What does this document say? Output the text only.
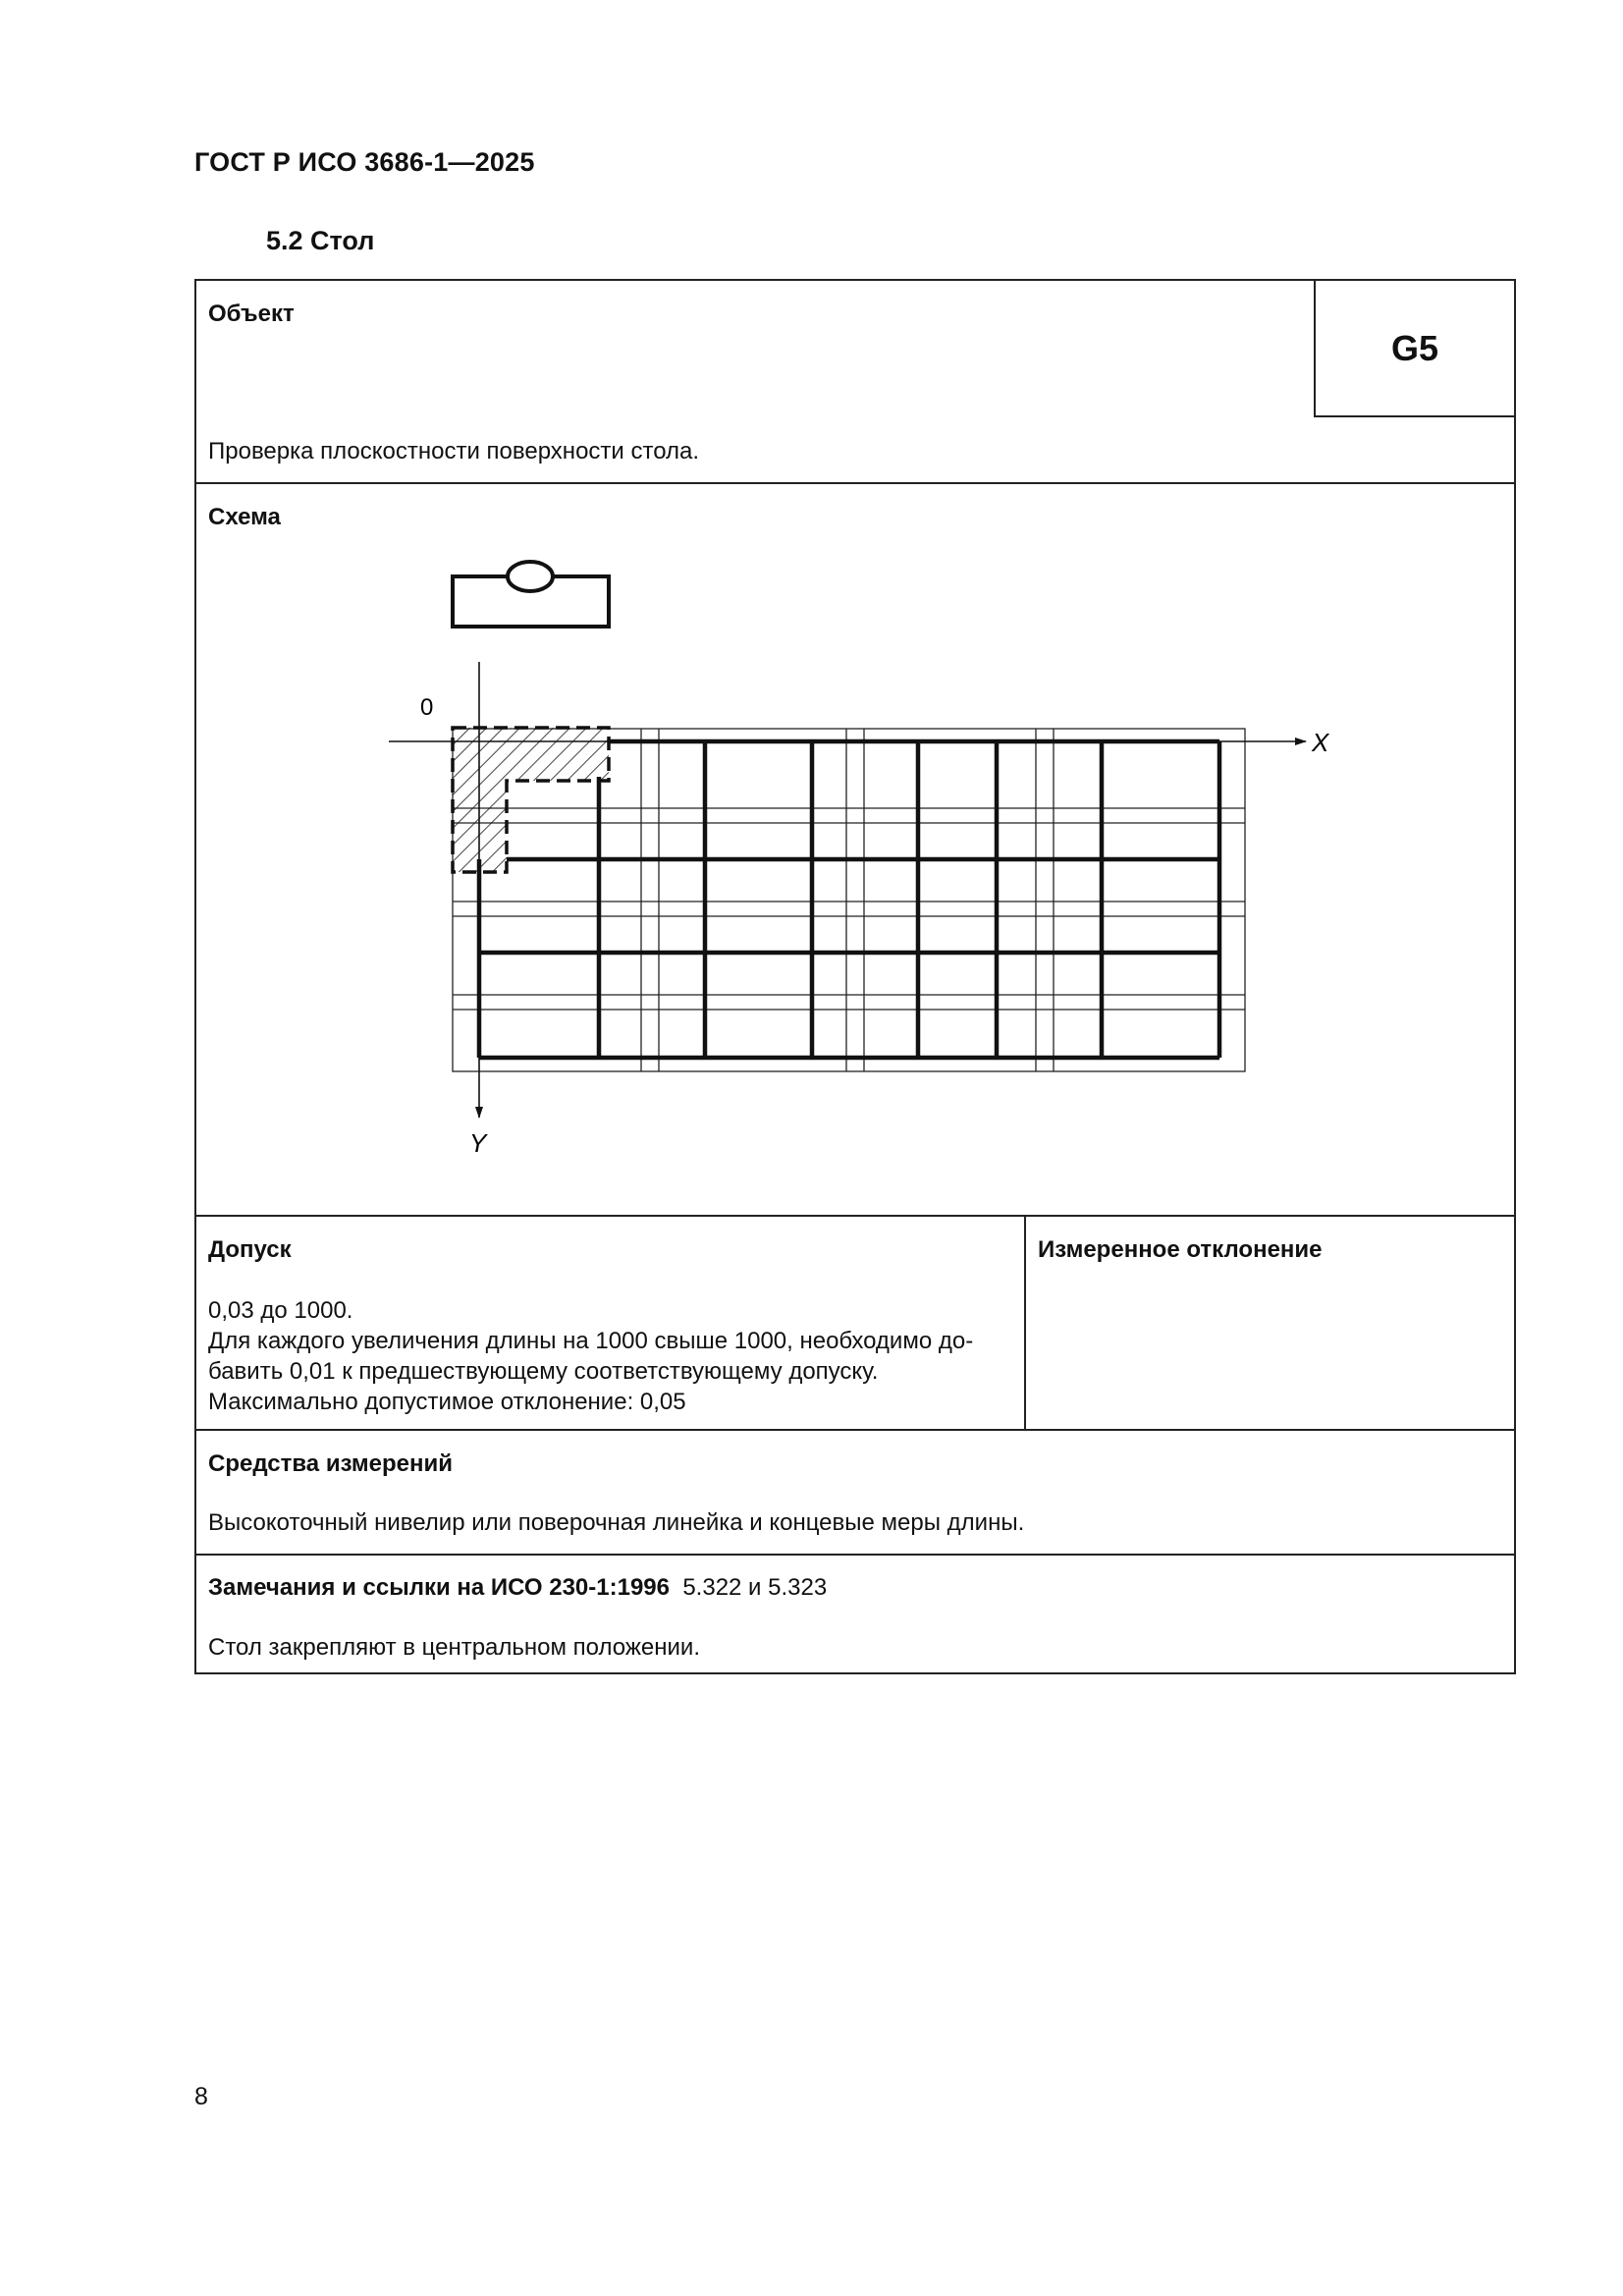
ГОСТ Р ИСО 3686-1—2025
5.2 Стол
Объект
G5
Проверка плоскостности поверхности стола.
Схема
0
X
Y
Допуск
0,03 до 1000.
Для каждого увеличения длины на 1000 свыше 1000, необходимо до-
бавить 0,01 к предшествующему соответствующему допуску.
Максимально допустимое отклонение: 0,05
Измеренное отклонение
Средства измерений
Высокоточный нивелир или поверочная линейка и концевые меры длины.
Замечания и ссылки на ИСО 230-1:1996 5.322 и 5.323
Стол закрепляют в центральном положении.
8
